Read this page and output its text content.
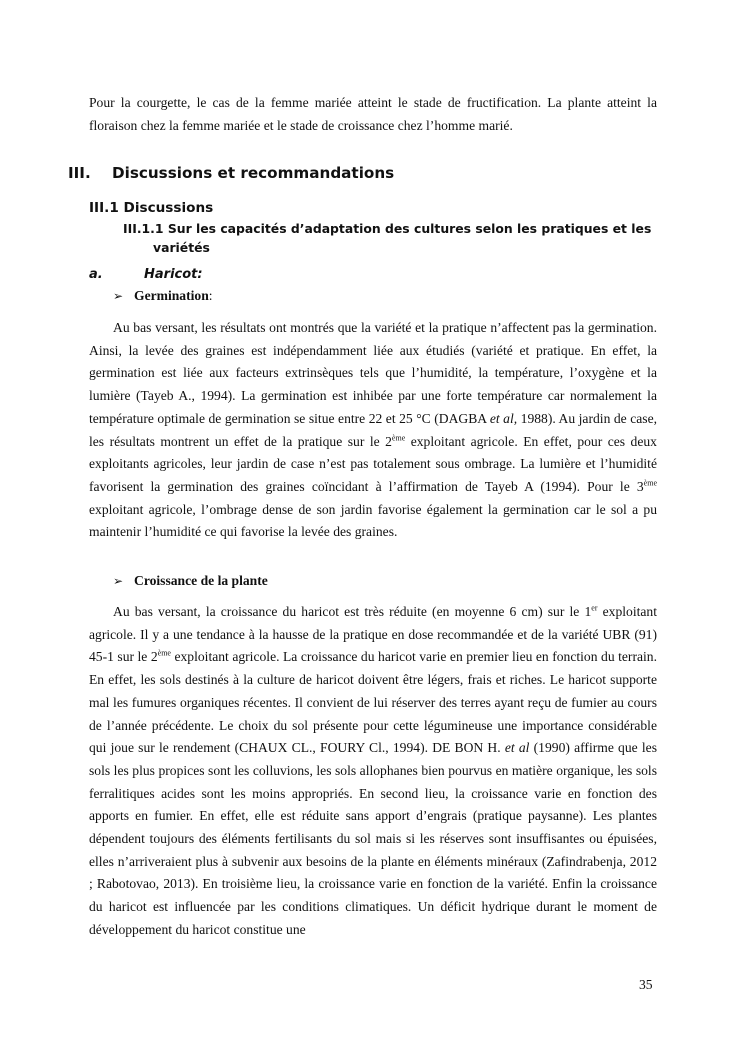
Pour la courgette, le cas de la femme mariée atteint le stade de fructification. La plante atteint la floraison chez la femme mariée et le stade de croissance chez l’homme marié.
III.	Discussions et recommandations
III.1 Discussions
III.1.1 Sur les capacités d’adaptation des cultures selon les pratiques et les
variétés
a.	Haricot:
➢ Germination :
Au bas versant, les résultats ont montrés que la variété et la pratique n’affectent pas la germination. Ainsi, la levée des graines est indépendamment liée aux étudiés (variété et pratique. En effet, la germination est liée aux facteurs extrinsèques tels que l’humidité, la température, l’oxygène et la lumière (Tayeb A., 1994). La germination est inhibée par une forte température car normalement la température optimale de germination se situe entre 22 et 25 °C (DAGBA et al, 1988). Au jardin de case, les résultats montrent un effet de la pratique sur le 2ème exploitant agricole. En effet, pour ces deux exploitants agricoles, leur jardin de case n’est pas totalement sous ombrage. La lumière et l’humidité favorisent la germination des graines coïncidant à l’affirmation de Tayeb A (1994). Pour le 3ème exploitant agricole, l’ombrage dense de son jardin favorise également la germination car le sol a pu maintenir l’humidité ce qui favorise la levée des graines.
➢ Croissance de la plante
Au bas versant, la croissance du haricot est très réduite (en moyenne 6 cm) sur le 1er exploitant agricole. Il y a une tendance à la hausse de la pratique en dose recommandée et de la variété UBR (91) 45-1 sur le 2ème exploitant agricole. La croissance du haricot varie en premier lieu en fonction du terrain. En effet, les sols destinés à la culture de haricot doivent être légers, frais et riches. Le haricot supporte mal les fumures organiques récentes. Il convient de lui réserver des terres ayant reçu de fumier au cours de l’année précédente. Le choix du sol présente pour cette légumineuse une importance considérable qui joue sur le rendement (CHAUX CL., FOURY Cl., 1994). DE BON H. et al (1990) affirme que les sols les plus propices sont les colluvions, les sols allophanes bien pourvus en matière organique, les sols ferralitiques acides sont les moins appropriés. En second lieu, la croissance varie en fonction des apports en fumier. En effet, elle est réduite sans apport d’engrais (pratique paysanne). Les plantes dépendent toujours des éléments fertilisants du sol mais si les réserves sont insuffisantes ou épuisées, elles n’arriveraient plus à subvenir aux besoins de la plante en éléments minéraux (Zafindrabenja, 2012 ; Rabotovao, 2013). En troisième lieu, la croissance varie en fonction de la variété. Enfin la croissance du haricot est influencée par les conditions climatiques. Un déficit hydrique durant le moment de développement du haricot constitue une
35
